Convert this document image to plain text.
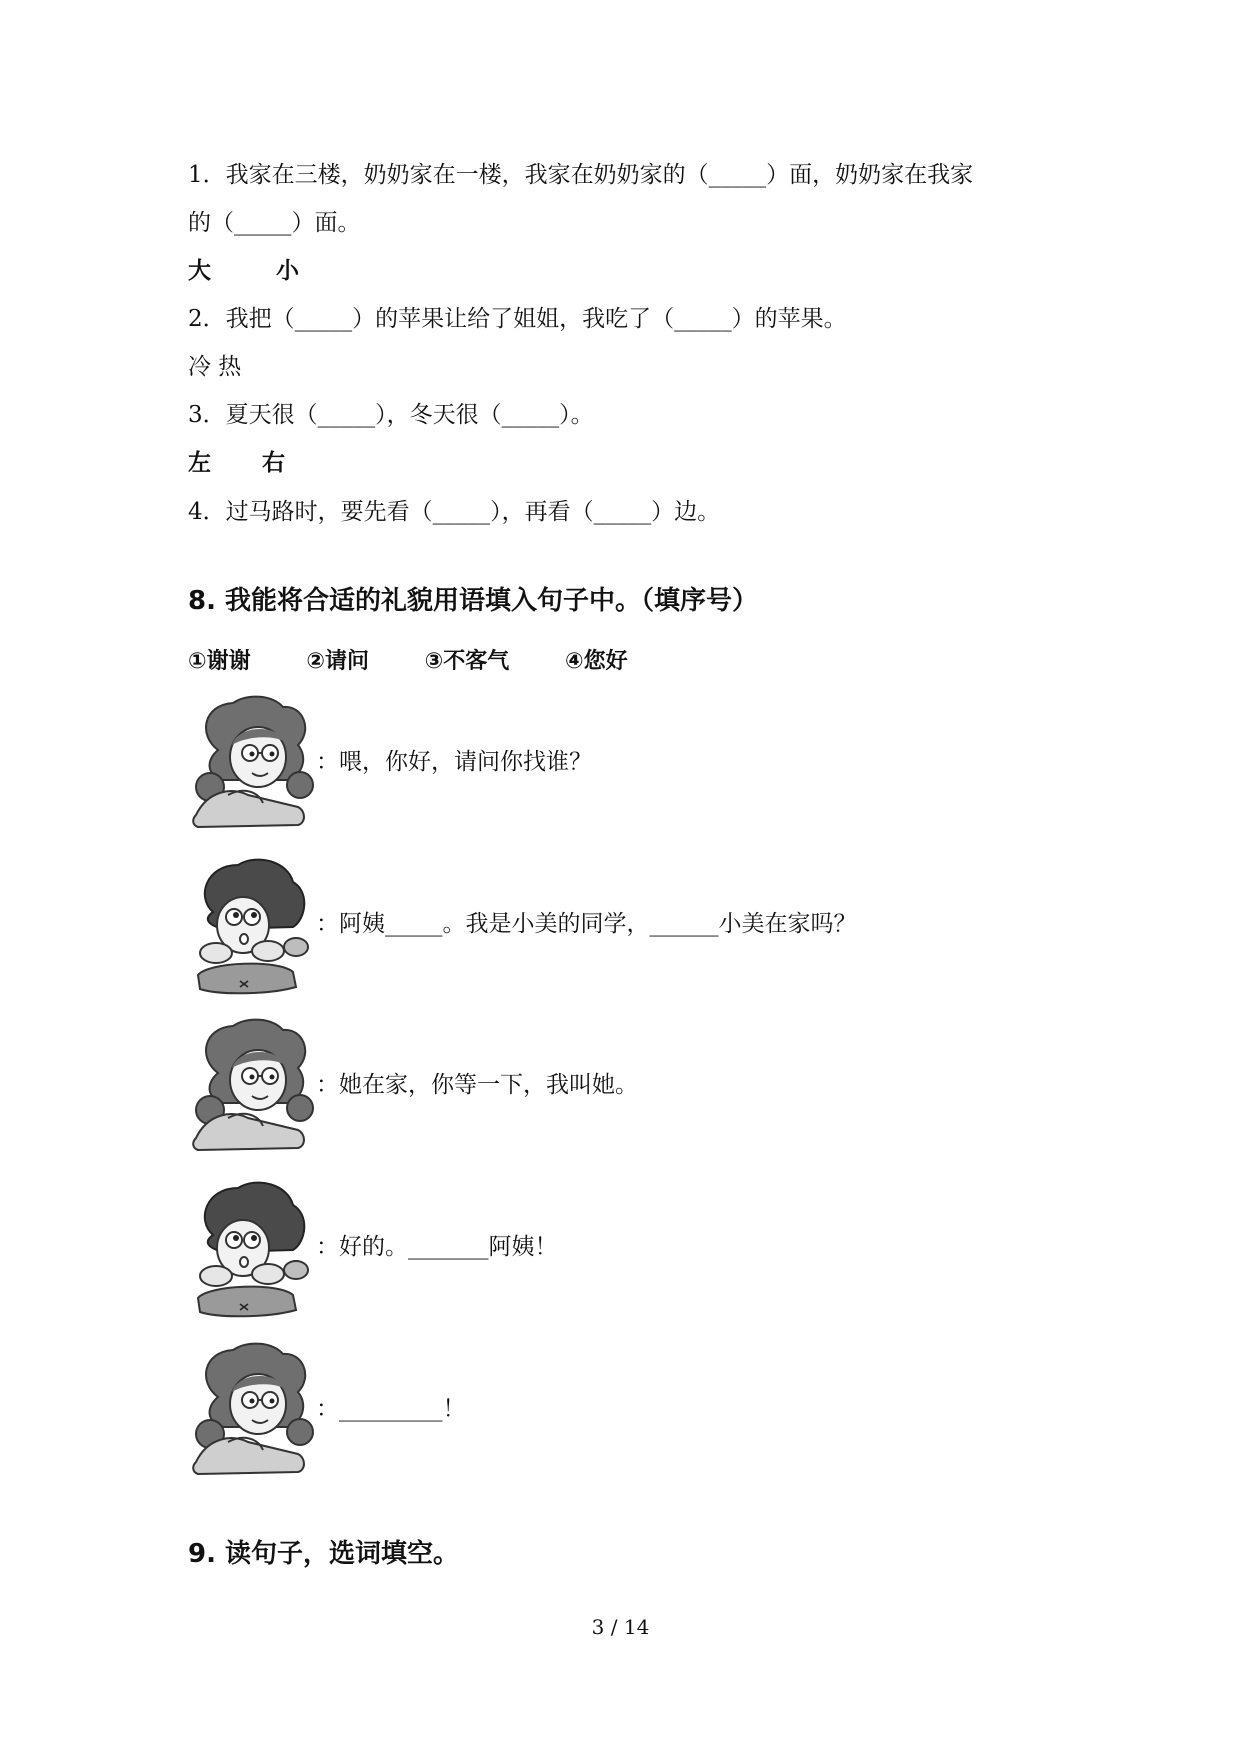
1．我家在三楼，奶奶家在一楼，我家在奶奶家的（_____）面，奶奶家在我家
的（_____）面。
大	小
2．我把（_____）的苹果让给了姐姐，我吃了（_____）的苹果。
冷 热
3．夏天很（_____），冬天很（_____）。
左 右
4．过马路时，要先看（_____），再看（_____）边。
8. 我能将合适的礼貌用语填入句子中。（填序号）
①谢谢	②请问	③不客气	④您好
：喂，你好，请问你找谁？
：阿姨_____。我是小美的同学，______小美在家吗？
：她在家，你等一下，我叫她。
：好的。_______阿姨！
：_________！
9. 读句子，选词填空。
3 / 14
